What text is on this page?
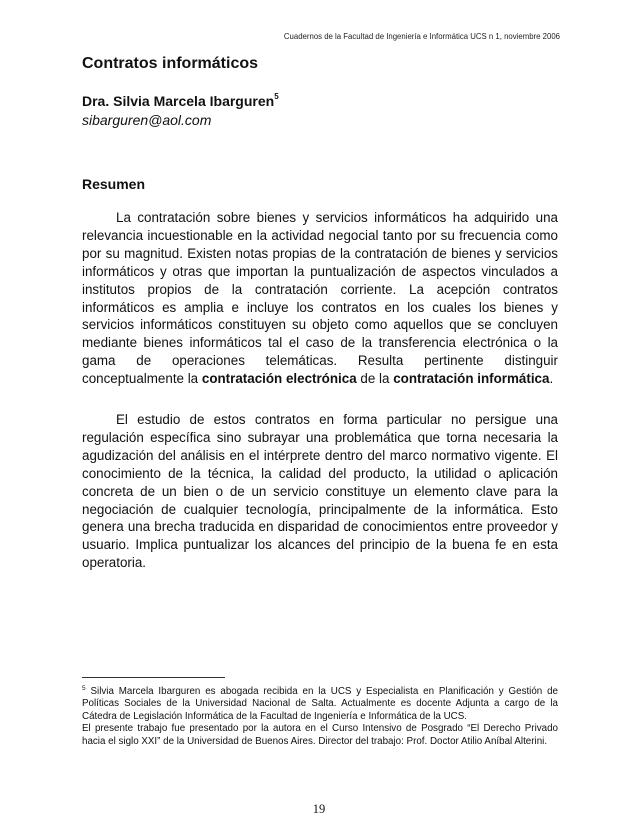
Cuadernos de la Facultad de Ingeniería e Informática UCS n 1, noviembre 2006
Contratos informáticos
Dra. Silvia Marcela Ibarguren$^5$
sibarguren@aol.com
Resumen

La contratación sobre bienes y servicios informáticos ha adquirido una relevancia incuestionable en la actividad negocial tanto por su frecuencia como por su magnitud. Existen notas propias de la contratación de bienes y servicios informáticos y otras que importan la puntualización de aspectos vinculados a institutos propios de la contratación corriente. La acepción contratos informáticos es amplia e incluye los contratos en los cuales los bienes y servicios informáticos constituyen su objeto como aquellos que se concluyen mediante bienes informáticos tal el caso de la transferencia electrónica o la gama de operaciones telemáticas. Resulta pertinente distinguir conceptualmente la contratación electrónica de la contratación informática.

El estudio de estos contratos en forma particular no persigue una regulación específica sino subrayar una problemática que torna necesaria la agudización del análisis en el intérprete dentro del marco normativo vigente. El conocimiento de la técnica, la calidad del producto, la utilidad o aplicación concreta de un bien o de un servicio constituye un elemento clave para la negociación de cualquier tecnología, principalmente de la informática. Esto genera una brecha traducida en disparidad de conocimientos entre proveedor y usuario. Implica puntualizar los alcances del principio de la buena fe en esta operatoria.

$^5$ Silvia Marcela Ibarguren es abogada recibida en la UCS y Especialista en Planificación y Gestión de Políticas Sociales de la Universidad Nacional de Salta. Actualmente es docente Adjunta a cargo de la Cátedra de Legislación Informática de la Facultad de Ingeniería e Informática de la UCS.
El presente trabajo fue presentado por la autora en el Curso Intensivo de Posgrado “El Derecho Privado hacia el siglo XXI” de la Universidad de Buenos Aires. Director del trabajo: Prof. Doctor Atilio Aníbal Alterini.

19
